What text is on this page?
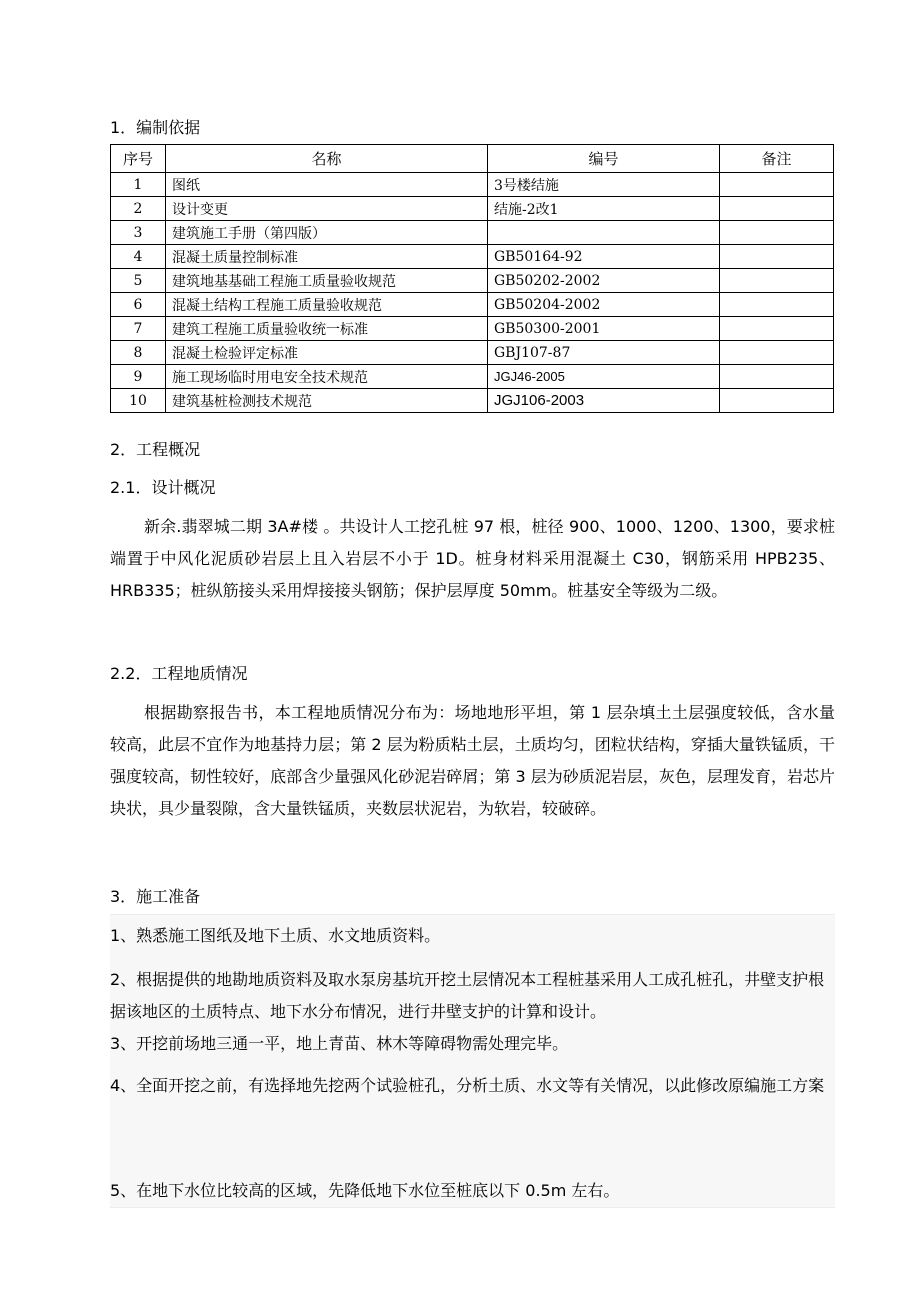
1．编制依据
序号	名称	编号	备注
1	图纸	3号楼结施	
2	设计变更	结施-2改1	
3	建筑施工手册（第四版）		
4	混凝土质量控制标准	GB50164-92	
5	建筑地基基础工程施工质量验收规范	GB50202-2002	
6	混凝土结构工程施工质量验收规范	GB50204-2002	
7	建筑工程施工质量验收统一标准	GB50300-2001	
8	混凝土检验评定标准	GBJ107-87	
9	施工现场临时用电安全技术规范	JGJ46-2005	
10	建筑基桩检测技术规范	JGJ106-2003	
2．工程概况
2.1．设计概况
新余.翡翠城二期 3A#楼 。共设计人工挖孔桩 97 根，桩径 900、1000、1200、1300，要求桩端置于中风化泥质砂岩层上且入岩层不小于 1D。桩身材料采用混凝土 C30，钢筋采用 HPB235、HRB335；桩纵筋接头采用焊接接头钢筋；保护层厚度 50mm。桩基安全等级为二级。
2.2．工程地质情况
根据勘察报告书，本工程地质情况分布为：场地地形平坦，第 1 层杂填土土层强度较低，含水量较高，此层不宜作为地基持力层；第 2 层为粉质粘土层，土质均匀，团粒状结构，穿插大量铁锰质，干强度较高，韧性较好，底部含少量强风化砂泥岩碎屑；第 3 层为砂质泥岩层，灰色，层理发育，岩芯片块状，具少量裂隙，含大量铁锰质，夹数层状泥岩，为软岩，较破碎。
3．施工准备
1、熟悉施工图纸及地下土质、水文地质资料。
2、根据提供的地勘地质资料及取水泵房基坑开挖土层情况本工程桩基采用人工成孔桩孔，井壁支护根据该地区的土质特点、地下水分布情况，进行井壁支护的计算和设计。
3、开挖前场地三通一平，地上青苗、林木等障碍物需处理完毕。
4、全面开挖之前，有选择地先挖两个试验桩孔，分析土质、水文等有关情况，以此修改原编施工方案
5、在地下水位比较高的区域，先降低地下水位至桩底以下 0.5m 左右。
